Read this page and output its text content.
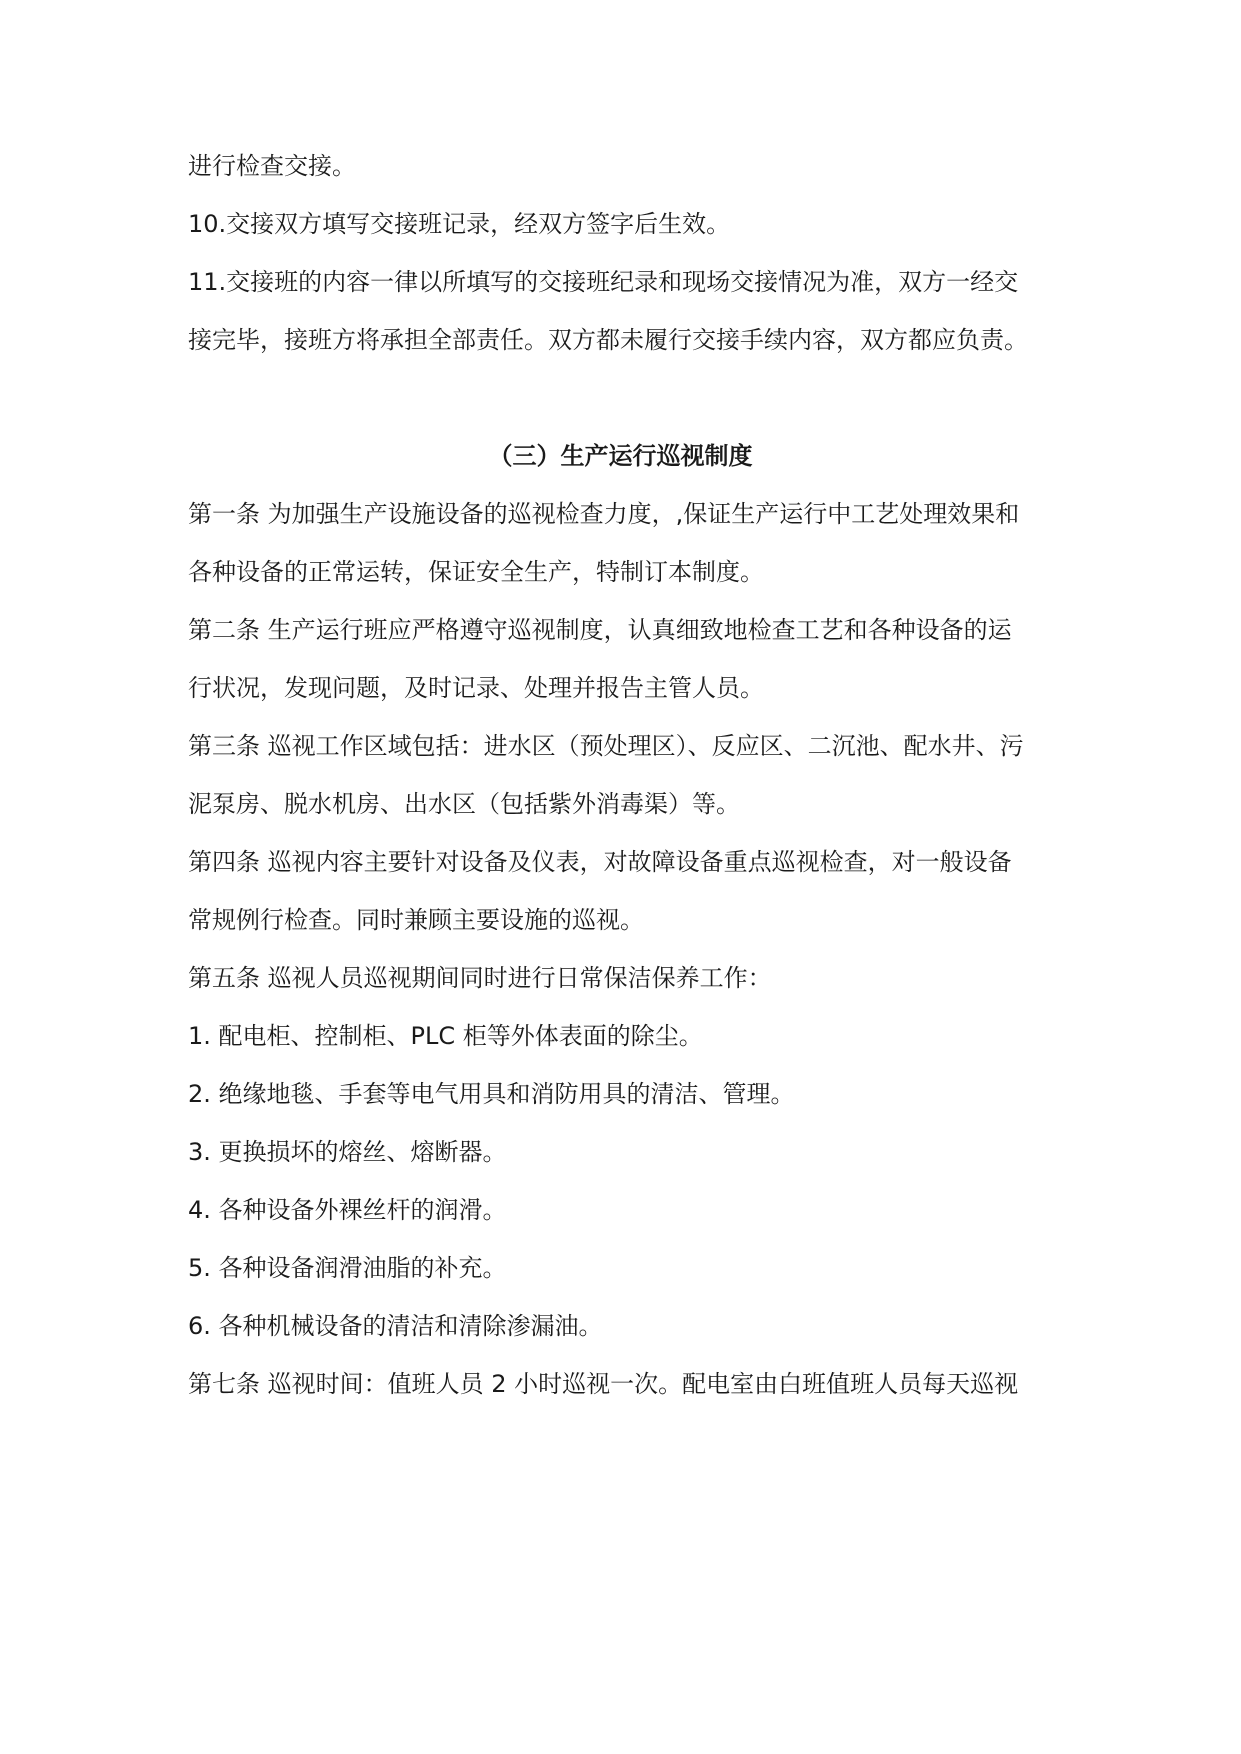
进行检查交接。
10.交接双方填写交接班记录，经双方签字后生效。
11.交接班的内容一律以所填写的交接班纪录和现场交接情况为准，双方一经交
接完毕，接班方将承担全部责任。双方都未履行交接手续内容，双方都应负责。
（三）生产运行巡视制度
第一条 为加强生产设施设备的巡视检查力度，,保证生产运行中工艺处理效果和
各种设备的正常运转，保证安全生产，特制订本制度。
第二条 生产运行班应严格遵守巡视制度，认真细致地检查工艺和各种设备的运
行状况，发现问题，及时记录、处理并报告主管人员。
第三条 巡视工作区域包括：进水区（预处理区）、反应区、二沉池、配水井、污
泥泵房、脱水机房、出水区（包括紫外消毒渠）等。
第四条 巡视内容主要针对设备及仪表，对故障设备重点巡视检查，对一般设备
常规例行检查。同时兼顾主要设施的巡视。
第五条 巡视人员巡视期间同时进行日常保洁保养工作：
1. 配电柜、控制柜、PLC 柜等外体表面的除尘。
2. 绝缘地毯、手套等电气用具和消防用具的清洁、管理。
3. 更换损坏的熔丝、熔断器。
4. 各种设备外裸丝杆的润滑。
5. 各种设备润滑油脂的补充。
6. 各种机械设备的清洁和清除渗漏油。
第七条 巡视时间：值班人员 2 小时巡视一次。配电室由白班值班人员每天巡视
